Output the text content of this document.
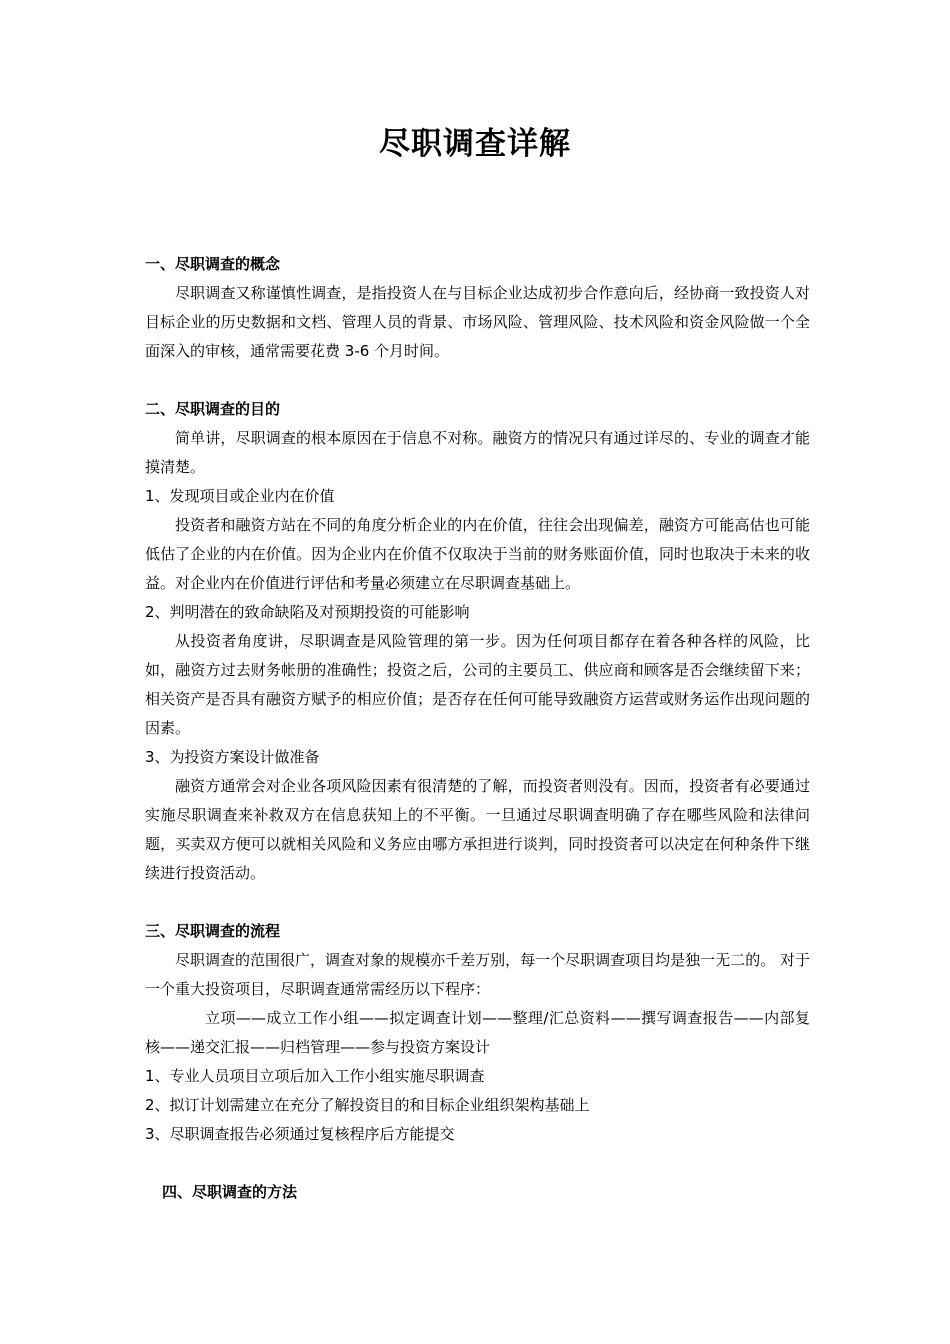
尽职调查详解

一、尽职调查的概念

尽职调查又称谨慎性调查，是指投资人在与目标企业达成初步合作意向后，经协商一致投资人对目标企业的历史数据和文档、管理人员的背景、市场风险、管理风险、技术风险和资金风险做一个全面深入的审核，通常需要花费 3-6 个月时间。

二、尽职调查的目的

简单讲，尽职调查的根本原因在于信息不对称。融资方的情况只有通过详尽的、专业的调查才能摸清楚。

1、发现项目或企业内在价值

投资者和融资方站在不同的角度分析企业的内在价值，往往会出现偏差，融资方可能高估也可能低估了企业的内在价值。因为企业内在价值不仅取决于当前的财务账面价值，同时也取决于未来的收益。对企业内在价值进行评估和考量必须建立在尽职调查基础上。

2、判明潜在的致命缺陷及对预期投资的可能影响

从投资者角度讲，尽职调查是风险管理的第一步。因为任何项目都存在着各种各样的风险，比如，融资方过去财务帐册的准确性；投资之后，公司的主要员工、供应商和顾客是否会继续留下来；相关资产是否具有融资方赋予的相应价值；是否存在任何可能导致融资方运营或财务运作出现问题的因素。

3、为投资方案设计做准备

融资方通常会对企业各项风险因素有很清楚的了解，而投资者则没有。因而，投资者有必要通过实施尽职调查来补救双方在信息获知上的不平衡。一旦通过尽职调查明确了存在哪些风险和法律问题，买卖双方便可以就相关风险和义务应由哪方承担进行谈判，同时投资者可以决定在何种条件下继续进行投资活动。

三、尽职调查的流程

尽职调查的范围很广，调查对象的规模亦千差万别，每一个尽职调查项目均是独一无二的。 对于一个重大投资项目，尽职调查通常需经历以下程序：

立项——成立工作小组——拟定调查计划——整理/汇总资料——撰写调查报告——内部复核——递交汇报——归档管理——参与投资方案设计

1、专业人员项目立项后加入工作小组实施尽职调查

2、拟订计划需建立在充分了解投资目的和目标企业组织架构基础上

3、尽职调查报告必须通过复核程序后方能提交

四、尽职调查的方法
